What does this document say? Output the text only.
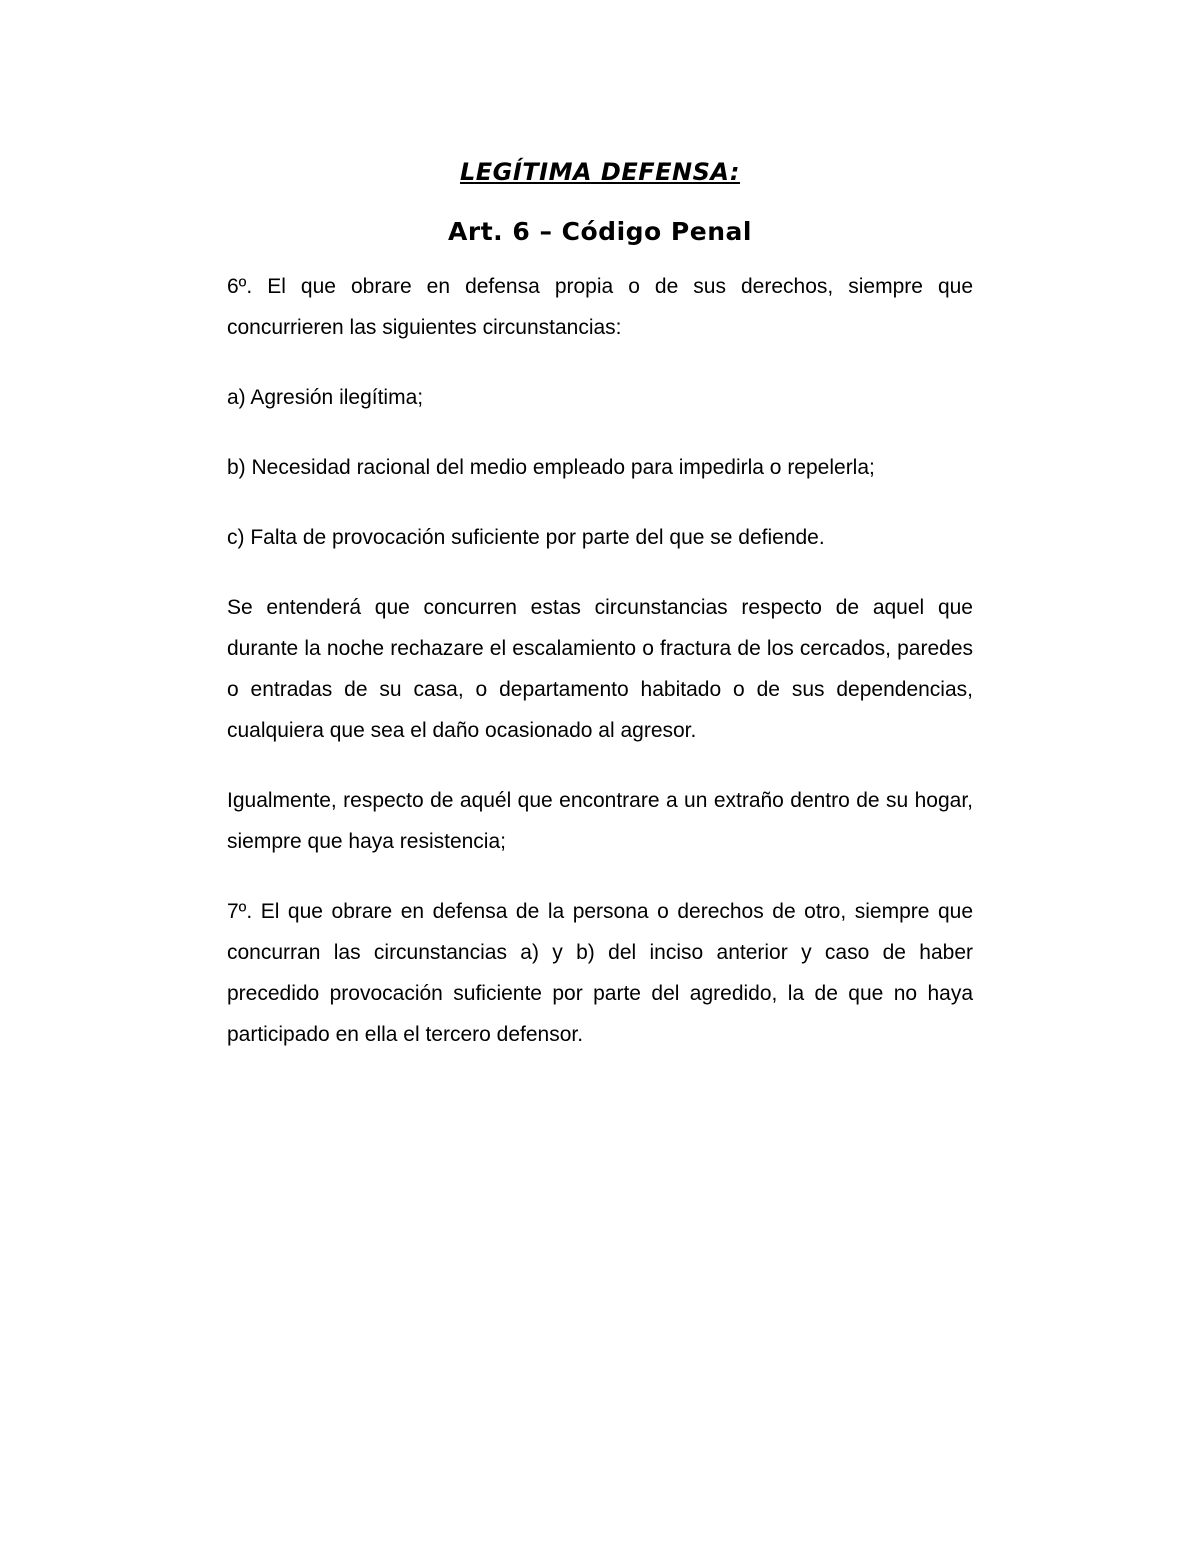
LEGÍTIMA DEFENSA:
Art. 6 – Código Penal

6º. El que obrare en defensa propia o de sus derechos, siempre que concurrieren las siguientes circunstancias:

a) Agresión ilegítima;

b) Necesidad racional del medio empleado para impedirla o repelerla;

c) Falta de provocación suficiente por parte del que se defiende.

Se entenderá que concurren estas circunstancias respecto de aquel que durante la noche rechazare el escalamiento o fractura de los cercados, paredes o entradas de su casa, o departamento habitado o de sus dependencias, cualquiera que sea el daño ocasionado al agresor.

Igualmente, respecto de aquél que encontrare a un extraño dentro de su hogar, siempre que haya resistencia;

7º. El que obrare en defensa de la persona o derechos de otro, siempre que concurran las circunstancias a) y b) del inciso anterior y caso de haber precedido provocación suficiente por parte del agredido, la de que no haya participado en ella el tercero defensor.
